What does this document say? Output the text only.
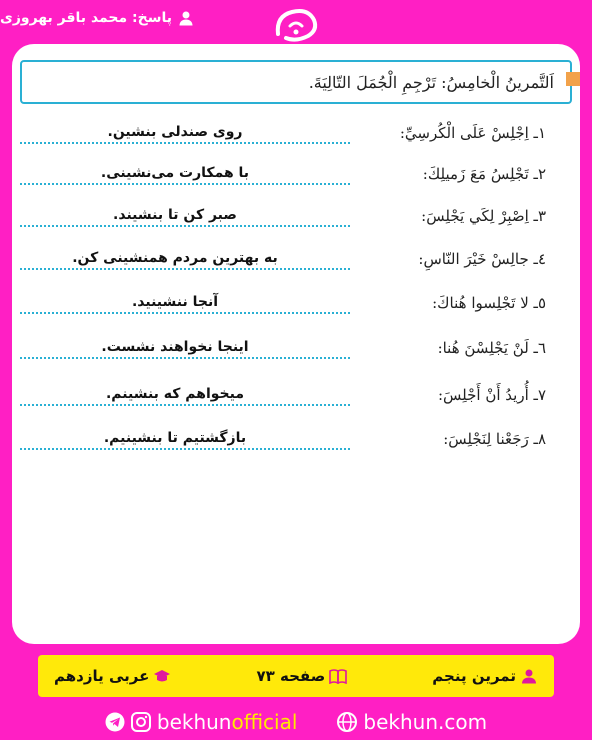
پاسخ: محمد باقر بهروزی
اَلتَّمرينُ الْخامِسُ: تَرْجِمِ الْجُمَلَ التّالِيَةَ.
١ـ اِجْلِسْ عَلَى الْكُرسِيِّ:
روی صندلی بنشین.
٢ـ تَجْلِسُ مَعَ زَميلِكَ:
با همکارت می‌نشینی.
٣ـ اِصْبِرْ لِكَي يَجْلِسَ:
صبر کن تا بنشیند.
٤ـ جالِسْ خَيْرَ النّاسِ:
به بهترین مردم همنشینی کن.
٥ـ لا تَجْلِسوا هُناكَ:
آنجا ننشینید.
٦ـ لَنْ يَجْلِسْنَ هُنا:
اینجا نخواهند نشست.
٧ـ أُريدُ أَنْ أَجْلِسَ:
میخواهم که بنشینم.
٨ـ رَجَعْنا لِنَجْلِسَ:
بازگشتیم تا بنشینیم.
تمرین پنجم
صفحه ۷۳
عربی یازدهم
bekhunofficial	bekhun.com
